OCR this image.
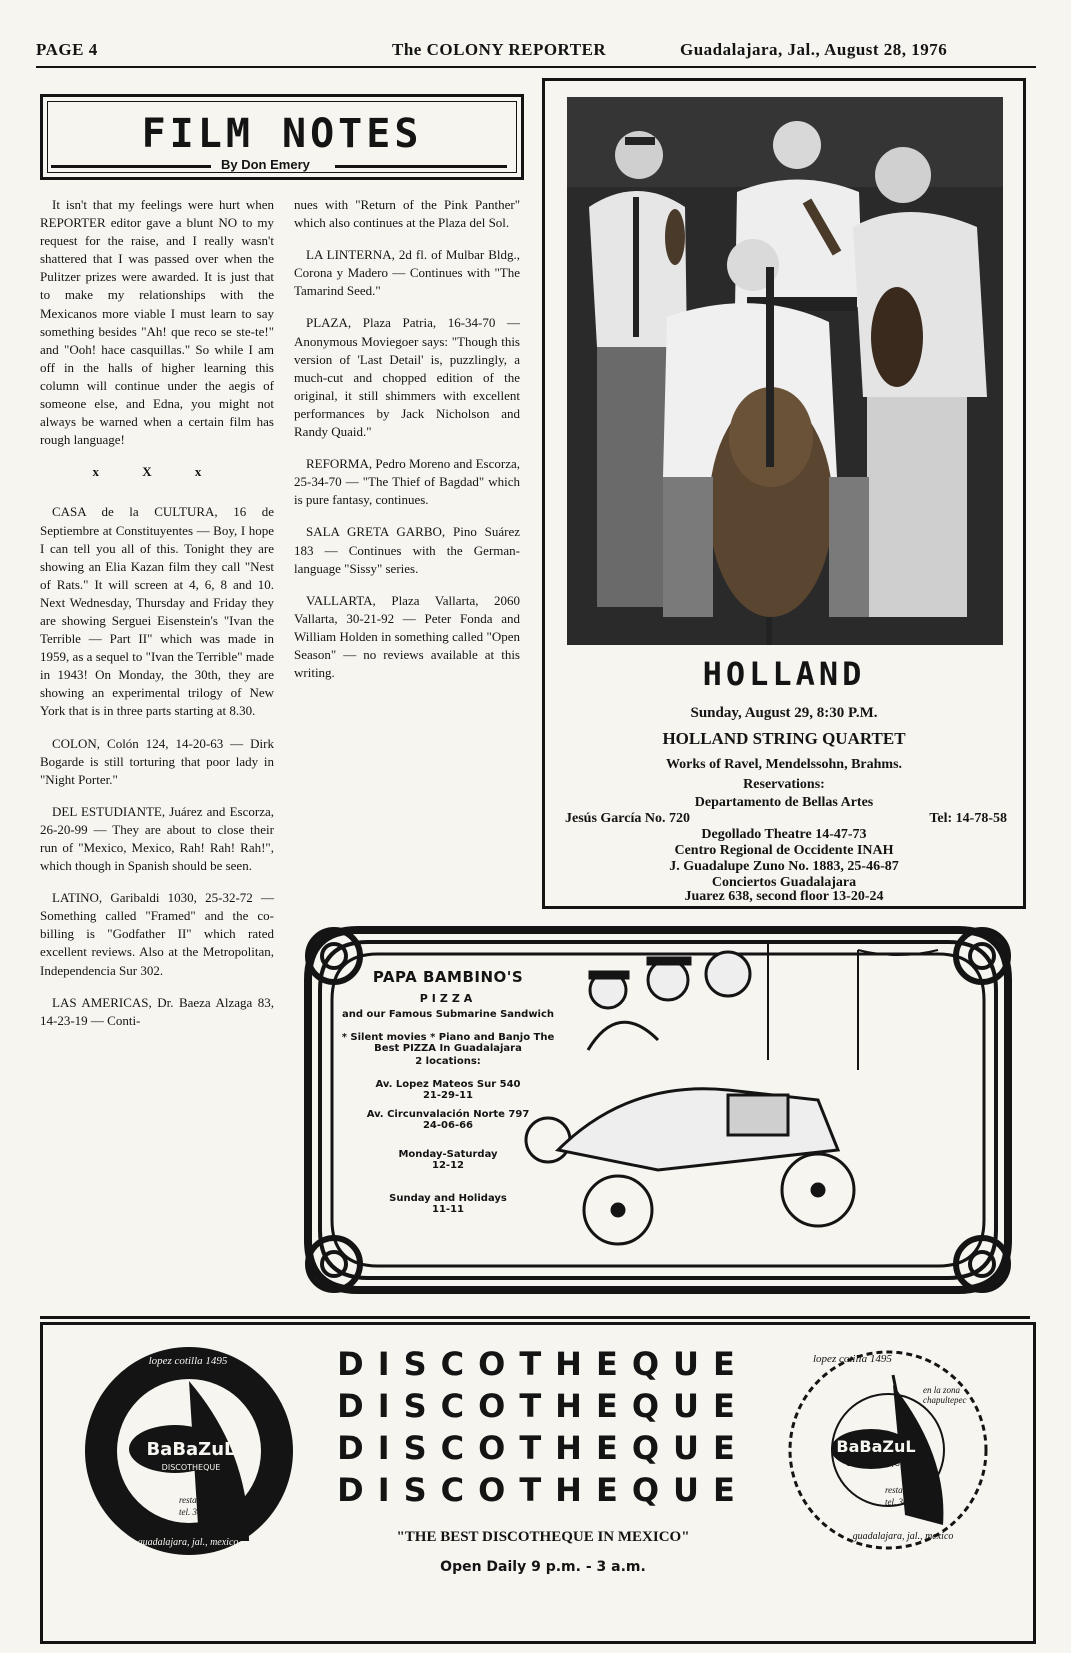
PAGE 4	The COLONY REPORTER	Guadalajara, Jal., August 28, 1976
FILM NOTES
By Don Emery

It isn't that my feelings were hurt when REPORTER editor gave a blunt NO to my request for the raise, and I really wasn't shattered that I was passed over when the Pulitzer prizes were awarded. It is just that to make my relationships with the Mexicanos more viable I must learn to say something besides "Ah! que reco se ste-te!" and "Ooh! hace casquillas." So while I am off in the halls of higher learning this column will continue under the aegis of someone else, and Edna, you might not always be warned when a certain film has rough language!

x X x

CASA de la CULTURA, 16 de Septiembre at Constituyentes — Boy, I hope I can tell you all of this. Tonight they are showing an Elia Kazan film they call "Nest of Rats." It will screen at 4, 6, 8 and 10. Next Wednesday, Thursday and Friday they are showing Serguei Eisenstein's "Ivan the Terrible — Part II" which was made in 1959, as a sequel to "Ivan the Terrible" made in 1943! On Monday, the 30th, they are showing an experimental trilogy of New York that is in three parts starting at 8.30.

COLON, Colón 124, 14-20-63 — Dirk Bogarde is still torturing that poor lady in "Night Porter."

DEL ESTUDIANTE, Juárez and Escorza, 26-20-99 — They are about to close their run of "Mexico, Mexico, Rah! Rah! Rah!", which though in Spanish should be seen.

LATINO, Garibaldi 1030, 25-32-72 — Something called "Framed" and the co-billing is "Godfather II" which rated excellent reviews. Also at the Metropolitan, Independencia Sur 302.

LAS AMERICAS, Dr. Baeza Alzaga 83, 14-23-19 — Conti-

nues with "Return of the Pink Panther" which also continues at the Plaza del Sol.

LA LINTERNA, 2d fl. of Mulbar Bldg., Corona y Madero — Continues with "The Tamarind Seed."

PLAZA, Plaza Patria, 16-34-70 — Anonymous Moviegoer says: "Though this version of 'Last Detail' is, puzzlingly, a much-cut and chopped edition of the original, it still shimmers with excellent performances by Jack Nicholson and Randy Quaid."

REFORMA, Pedro Moreno and Escorza, 25-34-70 — "The Thief of Bagdad" which is pure fantasy, continues.

SALA GRETA GARBO, Pino Suárez 183 — Continues with the German-language "Sissy" series.

VALLARTA, Plaza Vallarta, 2060 Vallarta, 30-21-92 — Peter Fonda and William Holden in something called "Open Season" — no reviews available at this writing.	HOLLAND
Sunday, August 29, 8:30 P.M.
HOLLAND STRING QUARTET
Works of Ravel, Mendelssohn, Brahms.
Reservations:
Departamento de Bellas Artes
Jesús García No. 720	Tel: 14-78-58
Degollado Theatre 14-47-73
Centro Regional de Occidente INAH
J. Guadalupe Zuno No. 1883, 25-46-87
Conciertos Guadalajara
Juarez 638, second floor 13-20-24
PAPA BAMBINO'S
PIZZA
and our Famous Submarine Sandwich
* Silent movies * Piano and Banjo The Best PIZZA In Guadalajara
2 locations:
Av. Lopez Mateos Sur 540
21-29-11
Av. Circunvalación Norte 797
24-06-66
Monday-Saturday
12-12
Sunday and Holidays
11-11
BaBaZuL
DISCOTHEQUE
lopez cotilla 1495
restaurant-bar
tel. 30-07-69
guadalajara, jal., mexico
DISCOTHEQUE
DISCOTHEQUE
DISCOTHEQUE
DISCOTHEQUE
"THE BEST DISCOTHEQUE IN MEXICO"
Open Daily 9 p.m. - 3 a.m.
BaBaZuL
DISCOTHEQUE
lopez cotilla 1495
en la zona chapultepec
restaurant-bar
tel. 30-07-69
guadalajara, jal., mexico
